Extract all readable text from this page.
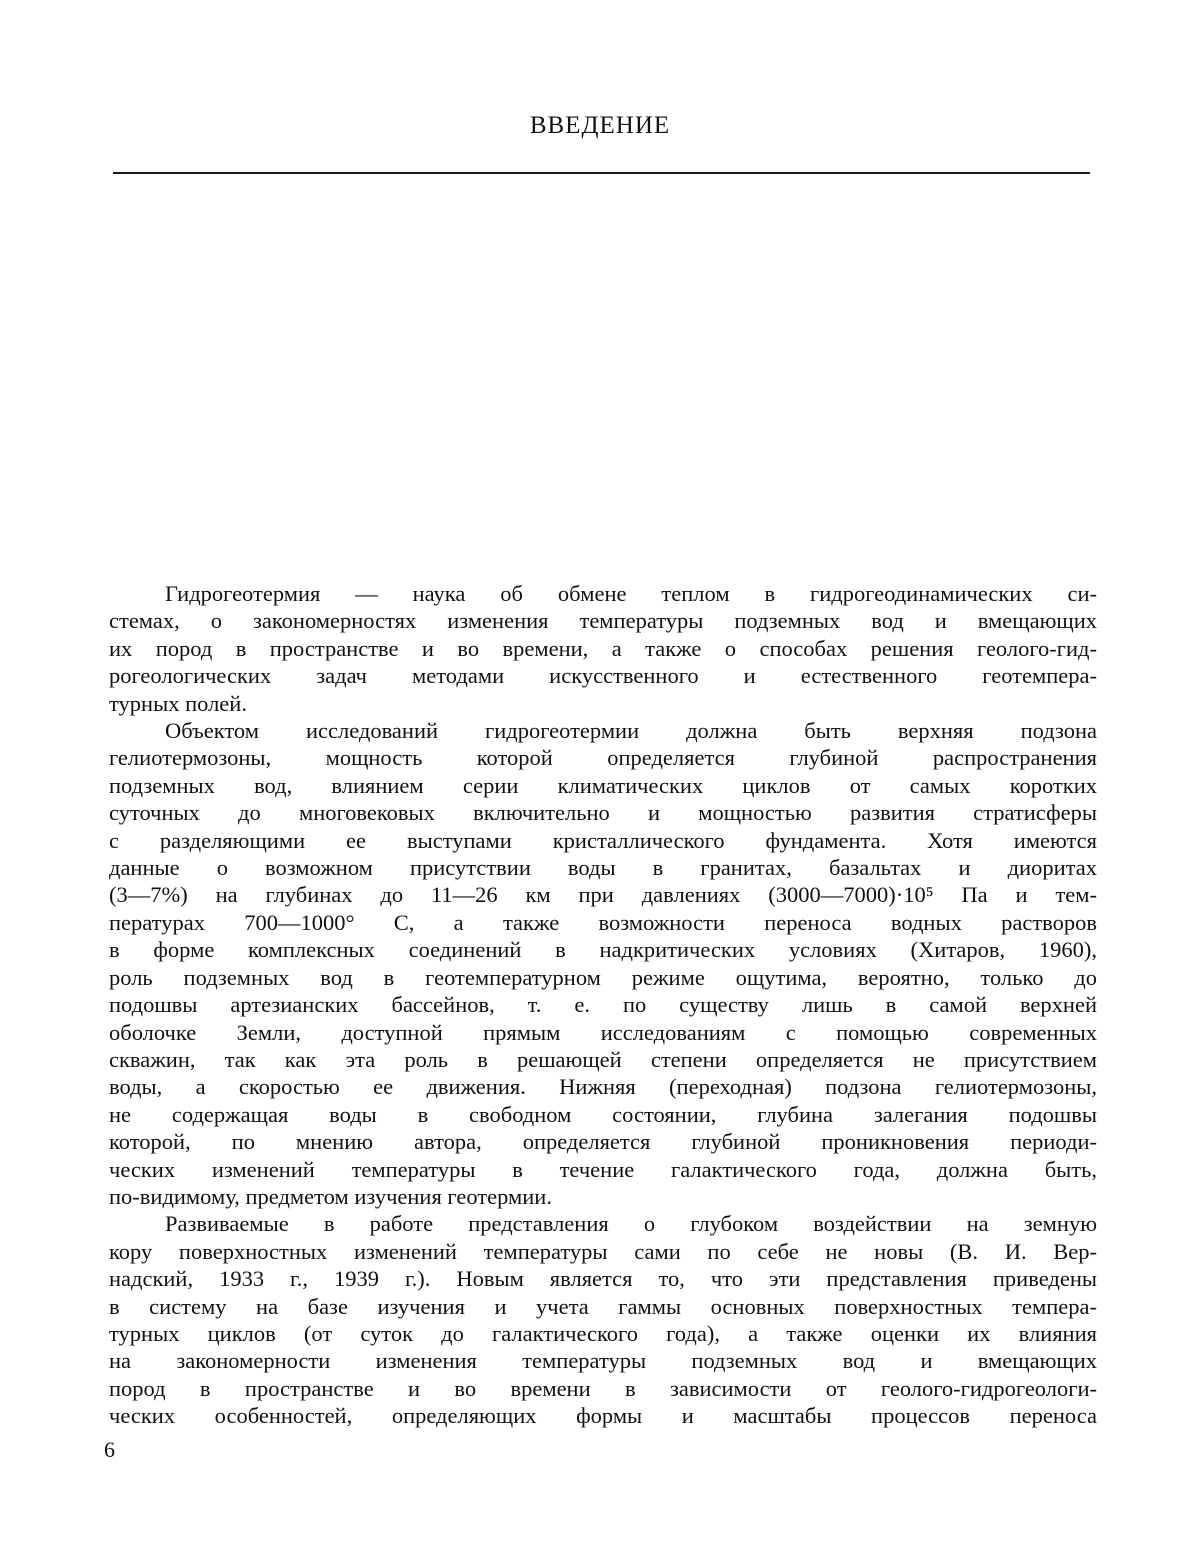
ВВЕДЕНИЕ

Гидрогеотермия — наука об обмене теплом в гидрогеодинамических си-
стемах, о закономерностях изменения температуры подземных вод и вмещающих
их пород в пространстве и во времени, а также о способах решения геолого-гид-
рогеологических задач методами искусственного и естественного геотемпера-
турных полей.

Объектом исследований гидрогеотермии должна быть верхняя подзона
гелиотермозоны, мощность которой определяется глубиной распространения
подземных вод, влиянием серии климатических циклов от самых коротких
суточных до многовековых включительно и мощностью развития стратисферы
с разделяющими ее выступами кристаллического фундамента. Хотя имеются
данные о возможном присутствии воды в гранитах, базальтах и диоритах
(3—7%) на глубинах до 11—26 км при давлениях (3000—7000)·10⁵ Па и тем-
пературах 700—1000° С, а также возможности переноса водных растворов
в форме комплексных соединений в надкритических условиях (Хитаров, 1960),
роль подземных вод в геотемпературном режиме ощутима, вероятно, только до
подошвы артезианских бассейнов, т. е. по существу лишь в самой верхней
оболочке Земли, доступной прямым исследованиям с помощью современных
скважин, так как эта роль в решающей степени определяется не присутствием
воды, а скоростью ее движения. Нижняя (переходная) подзона гелиотермозоны,
не содержащая воды в свободном состоянии, глубина залегания подошвы
которой, по мнению автора, определяется глубиной проникновения периоди-
ческих изменений температуры в течение галактического года, должна быть,
по-видимому, предметом изучения геотермии.

Развиваемые в работе представления о глубоком воздействии на земную
кору поверхностных изменений температуры сами по себе не новы (В. И. Вер-
надский, 1933 г., 1939 г.). Новым является то, что эти представления приведены
в систему на базе изучения и учета гаммы основных поверхностных темпера-
турных циклов (от суток до галактического года), а также оценки их влияния
на закономерности изменения температуры подземных вод и вмещающих
пород в пространстве и во времени в зависимости от геолого-гидрогеологи-
ческих особенностей, определяющих формы и масштабы процессов переноса

6
